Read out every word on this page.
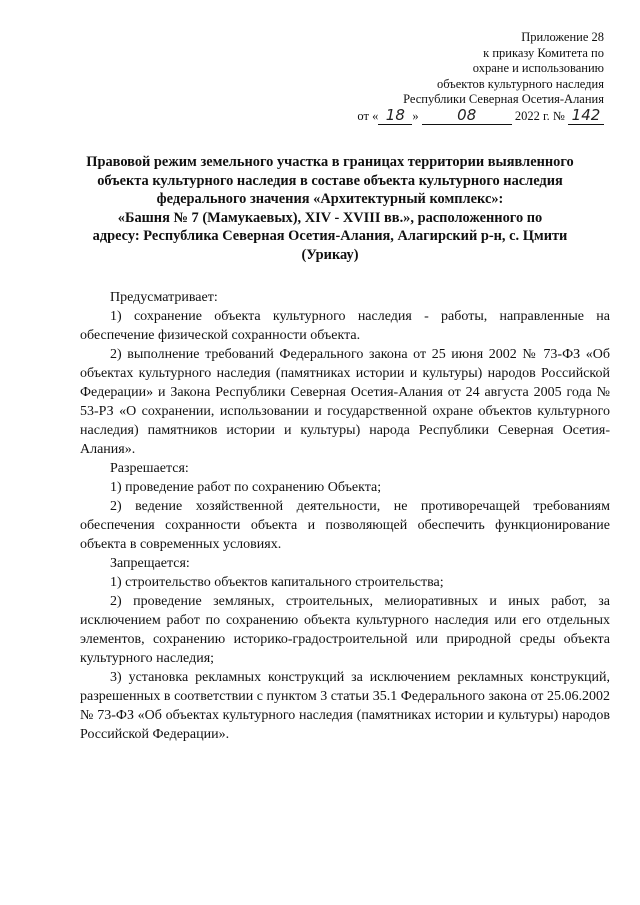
Приложение 28
к приказу Комитета по
охране и использованию
объектов культурного наследия
Республики Северная Осетия-Алания
от « 18 »	08	2022 г. № 142
Правовой режим земельного участка в границах территории выявленного
объекта культурного наследия в составе объекта культурного наследия
федерального значения «Архитектурный комплекс»:
«Башня № 7 (Мамукаевых), XIV - XVIII вв.», расположенного по
адресу: Республика Северная Осетия-Алания, Алагирский р-н, с. Цмити
(Урикау)

Предусматривает:

1) сохранение объекта культурного наследия - работы, направленные на обеспечение физической сохранности объекта.

2) выполнение требований Федерального закона от 25 июня 2002 № 73-ФЗ «Об объектах культурного наследия (памятниках истории и культуры) народов Российской Федерации» и Закона Республики Северная Осетия-Алания от 24 августа 2005 года № 53-РЗ «О сохранении, использовании и государственной охране объектов культурного наследия) памятников истории и культуры) народа Республики Северная Осетия-Алания».

Разрешается:

1) проведение работ по сохранению Объекта;

2) ведение хозяйственной деятельности, не противоречащей требованиям обеспечения сохранности объекта и позволяющей обеспечить функционирование объекта в современных условиях.

Запрещается:

1) строительство объектов капитального строительства;

2) проведение земляных, строительных, мелиоративных и иных работ, за исключением работ по сохранению объекта культурного наследия или его отдельных элементов, сохранению историко-градостроительной или природной среды объекта культурного наследия;

3) установка рекламных конструкций за исключением рекламных конструкций, разрешенных в соответствии с пунктом 3 статьи 35.1 Федерального закона от 25.06.2002 № 73-ФЗ «Об объектах культурного наследия (памятниках истории и культуры) народов Российской Федерации».
